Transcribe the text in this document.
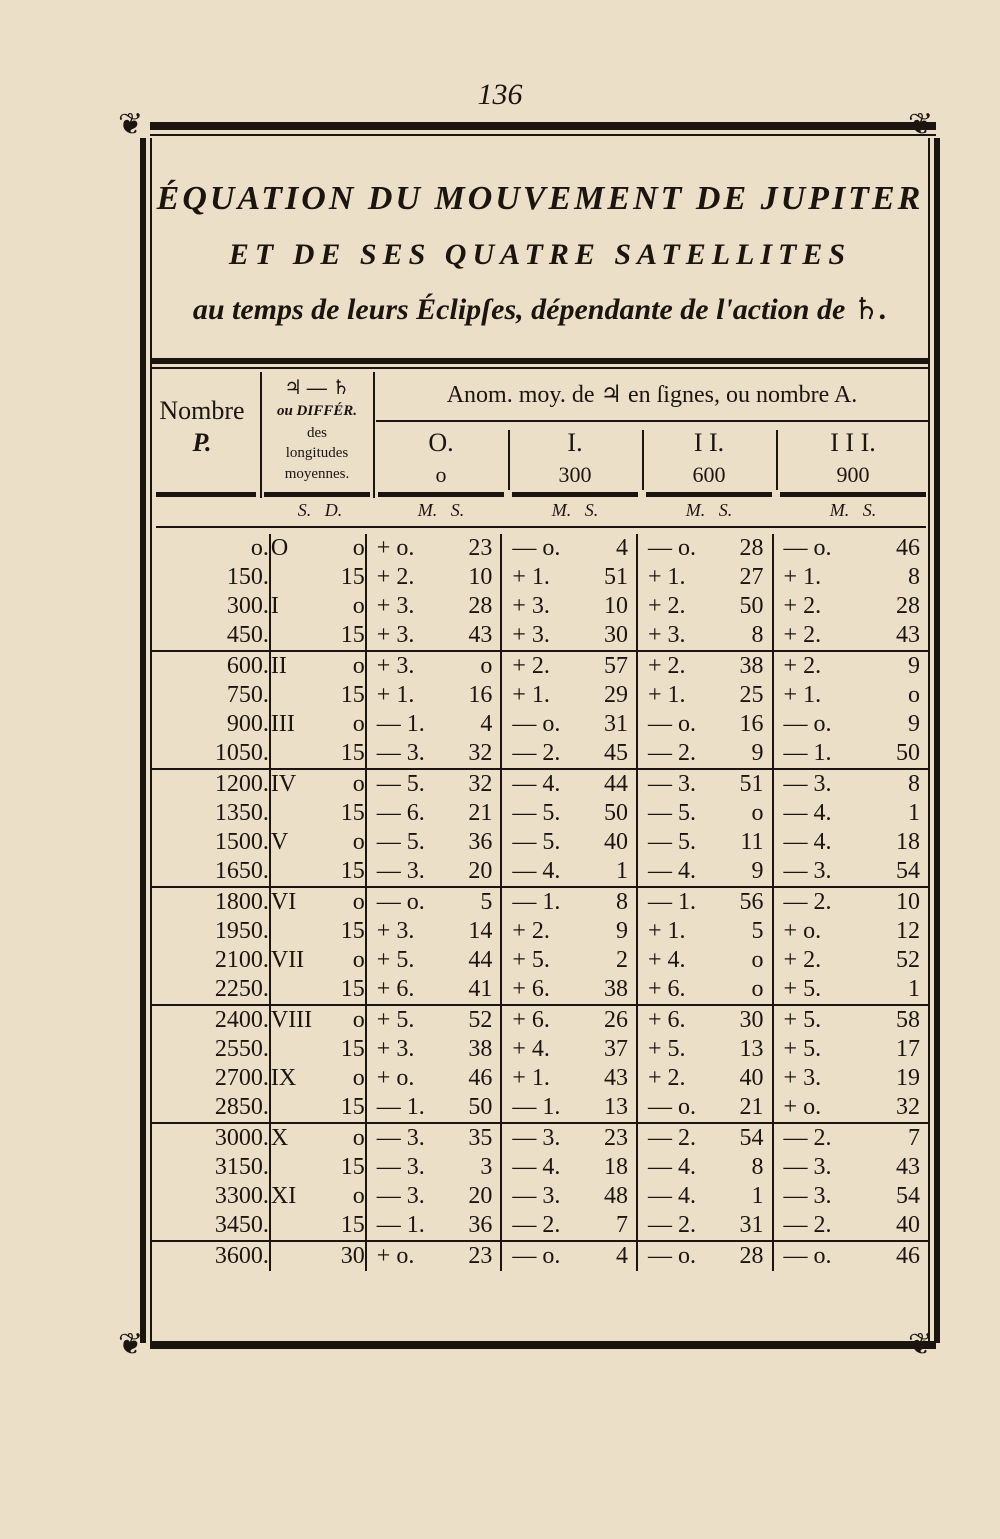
136
❦	❦
❦	❦
ÉQUATION DU MOUVEMENT DE JUPITER
ET DE SES QUATRE SATELLITES
au temps de leurs Éclipſes, dépendante de l'action de ♄.
Nombre
P.
♃ — ♄
ou DIFFÉR.
des
longitudes
moyennes.
Anom. moy. de ♃ en ſignes, ou nombre A.
O.
o
I.
300
I I.
600
I I I.
900
S.   D.	M.   S.	M.   S.	M.   S.	M.   S.
o.	O	o	+ o. 23	— o. 4	— o. 28	— o. 46

150.		15	+ 2. 10	+ 1. 51	+ 1. 27	+ 1. 8

300.	I	o	+ 3. 28	+ 3. 10	+ 2. 50	+ 2. 28

450.		15	+ 3. 43	+ 3. 30	+ 3. 8	+ 2. 43

600.	II	o	+ 3. o	+ 2. 57	+ 2. 38	+ 2. 9

750.		15	+ 1. 16	+ 1. 29	+ 1. 25	+ 1. o

900.	III	o	— 1. 4	— o. 31	— o. 16	— o. 9

1050.		15	— 3. 32	— 2. 45	— 2. 9	— 1. 50

1200.	IV	o	— 5. 32	— 4. 44	— 3. 51	— 3. 8

1350.		15	— 6. 21	— 5. 50	— 5. o	— 4. 1

1500.	V	o	— 5. 36	— 5. 40	— 5. 11	— 4. 18

1650.		15	— 3. 20	— 4. 1	— 4. 9	— 3. 54

1800.	VI	o	— o. 5	— 1. 8	— 1. 56	— 2. 10

1950.		15	+ 3. 14	+ 2. 9	+ 1. 5	+ o. 12

2100.	VII	o	+ 5. 44	+ 5. 2	+ 4. o	+ 2. 52

2250.		15	+ 6. 41	+ 6. 38	+ 6. o	+ 5. 1

2400.	VIII	o	+ 5. 52	+ 6. 26	+ 6. 30	+ 5. 58

2550.		15	+ 3. 38	+ 4. 37	+ 5. 13	+ 5. 17

2700.	IX	o	+ o. 46	+ 1. 43	+ 2. 40	+ 3. 19

2850.		15	— 1. 50	— 1. 13	— o. 21	+ o. 32

3000.	X	o	— 3. 35	— 3. 23	— 2. 54	— 2. 7

3150.		15	— 3. 3	— 4. 18	— 4. 8	— 3. 43

3300.	XI	o	— 3. 20	— 3. 48	— 4. 1	— 3. 54

3450.		15	— 1. 36	— 2. 7	— 2. 31	— 2. 40

3600.		30	+ o. 23	— o. 4	— o. 28	— o. 46
